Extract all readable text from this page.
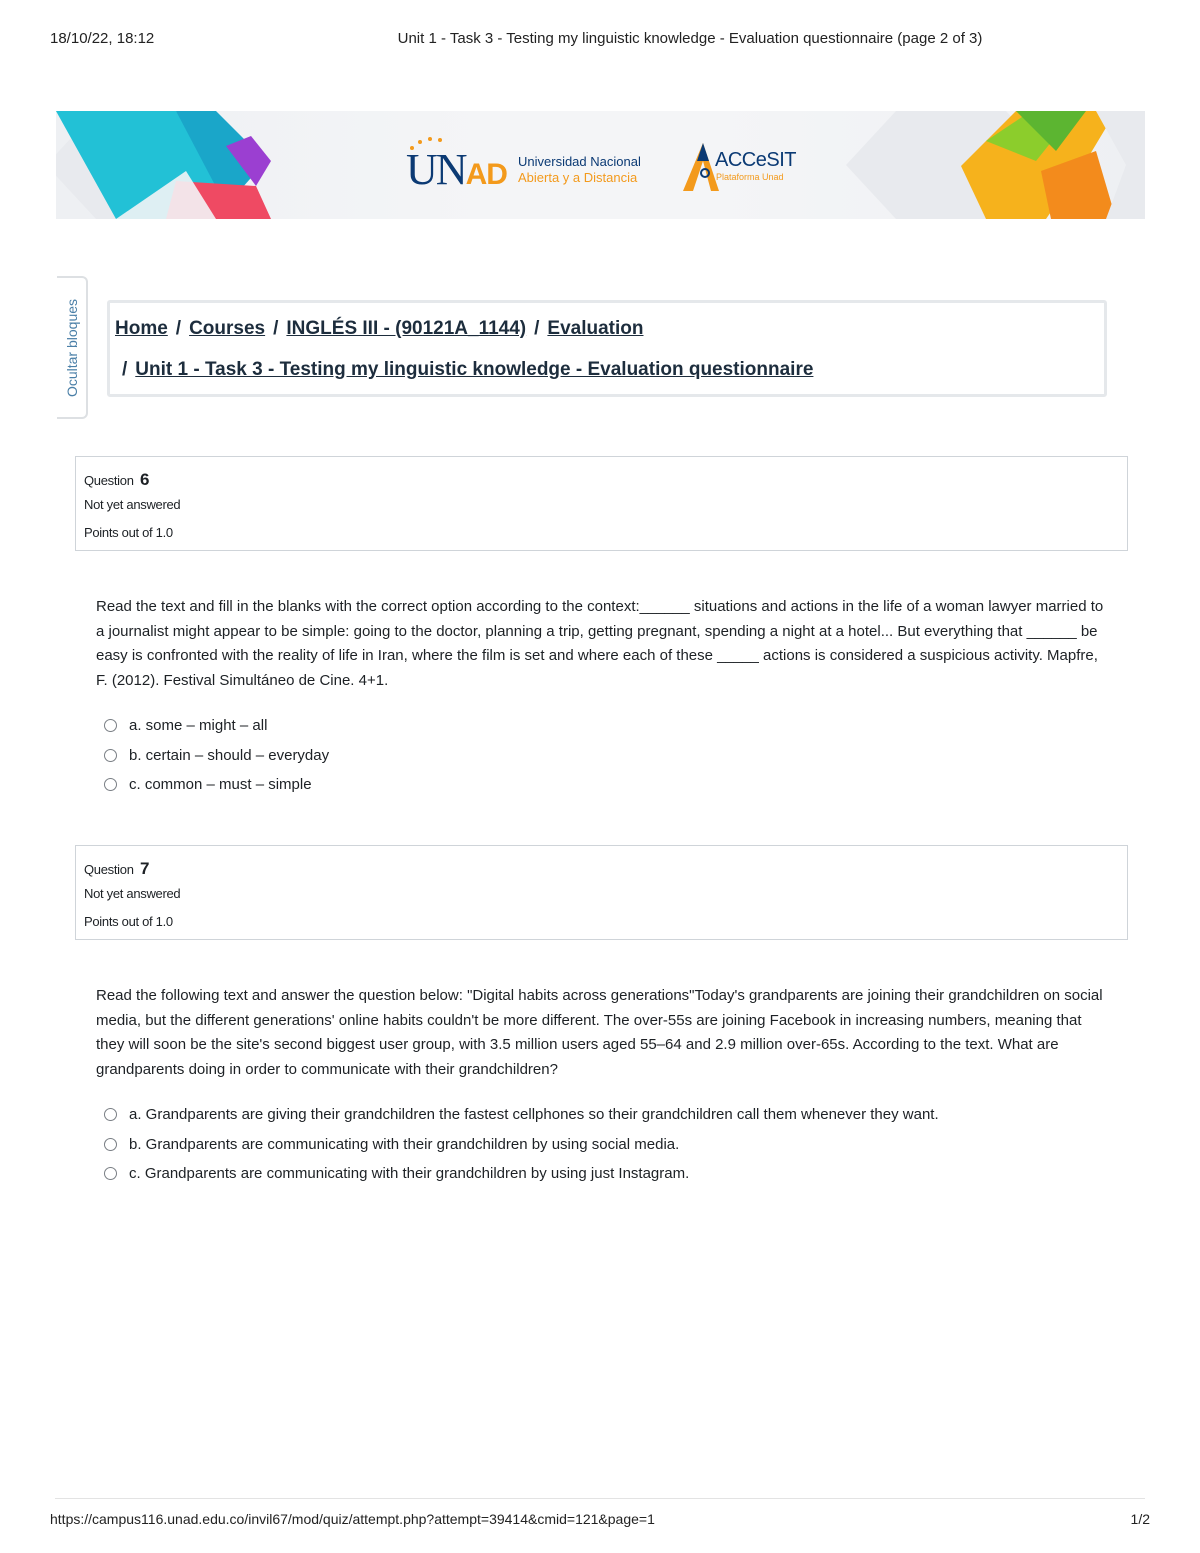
18/10/22, 18:12	Unit 1 - Task 3 - Testing my linguistic knowledge - Evaluation questionnaire (page 2 of 3)
UNAD Universidad Nacional
Abierta y a Distancia
ACCeSIT
Plataforma Unad
Ocultar bloques Home / Courses / INGLÉS III - (90121A_1144) / Evaluation
/ Unit 1 - Task 3 - Testing my linguistic knowledge - Evaluation questionnaire
Question 6
Not yet answered
Points out of 1.0
Read the text and fill in the blanks with the correct option according to the context:______ situations and actions in the life of a woman lawyer married to a journalist might appear to be simple: going to the doctor, planning a trip, getting pregnant, spending a night at a hotel... But everything that ______ be easy is confronted with the reality of life in Iran, where the film is set and where each of these _____ actions is considered a suspicious activity. Mapfre, F. (2012). Festival Simultáneo de Cine. 4+1.
a. some – might – all
b. certain – should – everyday
c. common – must – simple
Question 7
Not yet answered
Points out of 1.0
Read the following text and answer the question below: "Digital habits across generations"Today's grandparents are joining their grandchildren on social media, but the different generations' online habits couldn't be more different. The over-55s are joining Facebook in increasing numbers, meaning that they will soon be the site's second biggest user group, with 3.5 million users aged 55–64 and 2.9 million over-65s. According to the text. What are grandparents doing in order to communicate with their grandchildren?
a. Grandparents are giving their grandchildren the fastest cellphones so their grandchildren call them whenever they want.
b. Grandparents are communicating with their grandchildren by using social media.
c. Grandparents are communicating with their grandchildren by using just Instagram.
https://campus116.unad.edu.co/invil67/mod/quiz/attempt.php?attempt=39414&cmid=121&page=1	1/2
